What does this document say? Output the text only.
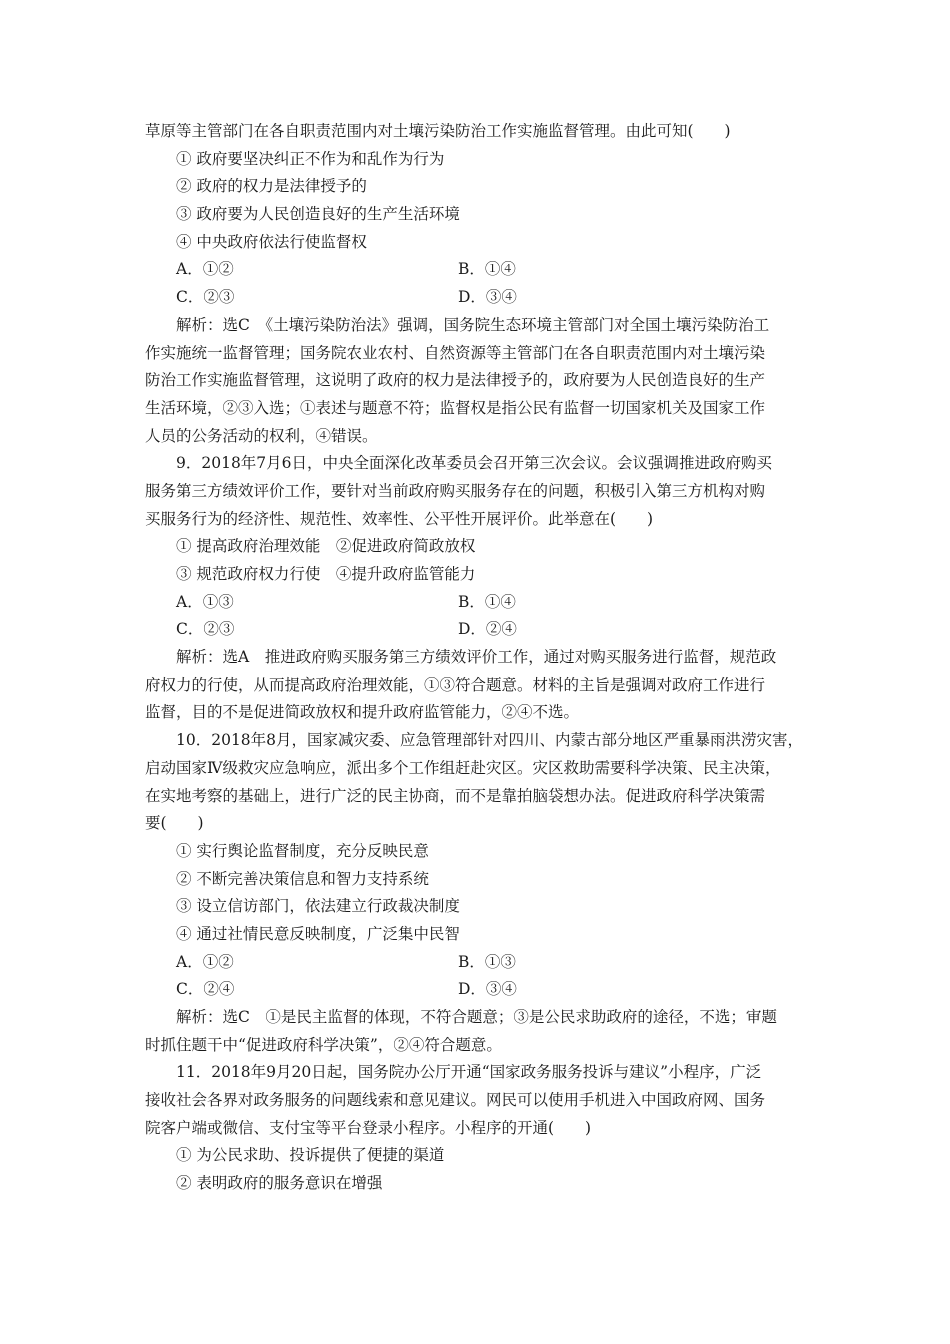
草原等主管部门在各自职责范围内对土壤污染防治工作实施监督管理。由此可知(　　)
① 政府要坚决纠正不作为和乱作为行为
② 政府的权力是法律授予的
③ 政府要为人民创造良好的生产生活环境
④ 中央政府依法行使监督权
A．①②	B．①④
C．②③	D．③④
解析：选C　《土壤污染防治法》强调，国务院生态环境主管部门对全国土壤污染防治工
作实施统一监督管理；国务院农业农村、自然资源等主管部门在各自职责范围内对土壤污染
防治工作实施监督管理，这说明了政府的权力是法律授予的，政府要为人民创造良好的生产
生活环境，②③入选；①表述与题意不符；监督权是指公民有监督一切国家机关及国家工作
人员的公务活动的权利，④错误。
9．2018年7月6日，中央全面深化改革委员会召开第三次会议。会议强调推进政府购买
服务第三方绩效评价工作，要针对当前政府购买服务存在的问题，积极引入第三方机构对购
买服务行为的经济性、规范性、效率性、公平性开展评价。此举意在(　　)
① 提高政府治理效能　②促进政府简政放权
③ 规范政府权力行使　④提升政府监管能力
A．①③	B．①④
C．②③	D．②④
解析：选A　推进政府购买服务第三方绩效评价工作，通过对购买服务进行监督，规范政
府权力的行使，从而提高政府治理效能，①③符合题意。材料的主旨是强调对政府工作进行
监督，目的不是促进简政放权和提升政府监管能力，②④不选。
10．2018年8月，国家减灾委、应急管理部针对四川、内蒙古部分地区严重暴雨洪涝灾害，
启动国家Ⅳ级救灾应急响应，派出多个工作组赶赴灾区。灾区救助需要科学决策、民主决策，
在实地考察的基础上，进行广泛的民主协商，而不是靠拍脑袋想办法。促进政府科学决策需
要(　　)
① 实行舆论监督制度，充分反映民意
② 不断完善决策信息和智力支持系统
③ 设立信访部门，依法建立行政裁决制度
④ 通过社情民意反映制度，广泛集中民智
A．①②	B．①③
C．②④	D．③④
解析：选C　①是民主监督的体现，不符合题意；③是公民求助政府的途径，不选；审题
时抓住题干中“促进政府科学决策”，②④符合题意。
11．2018年9月20日起，国务院办公厅开通“国家政务服务投诉与建议”小程序，广泛
接收社会各界对政务服务的问题线索和意见建议。网民可以使用手机进入中国政府网、国务
院客户端或微信、支付宝等平台登录小程序。小程序的开通(　　)
① 为公民求助、投诉提供了便捷的渠道
② 表明政府的服务意识在增强
